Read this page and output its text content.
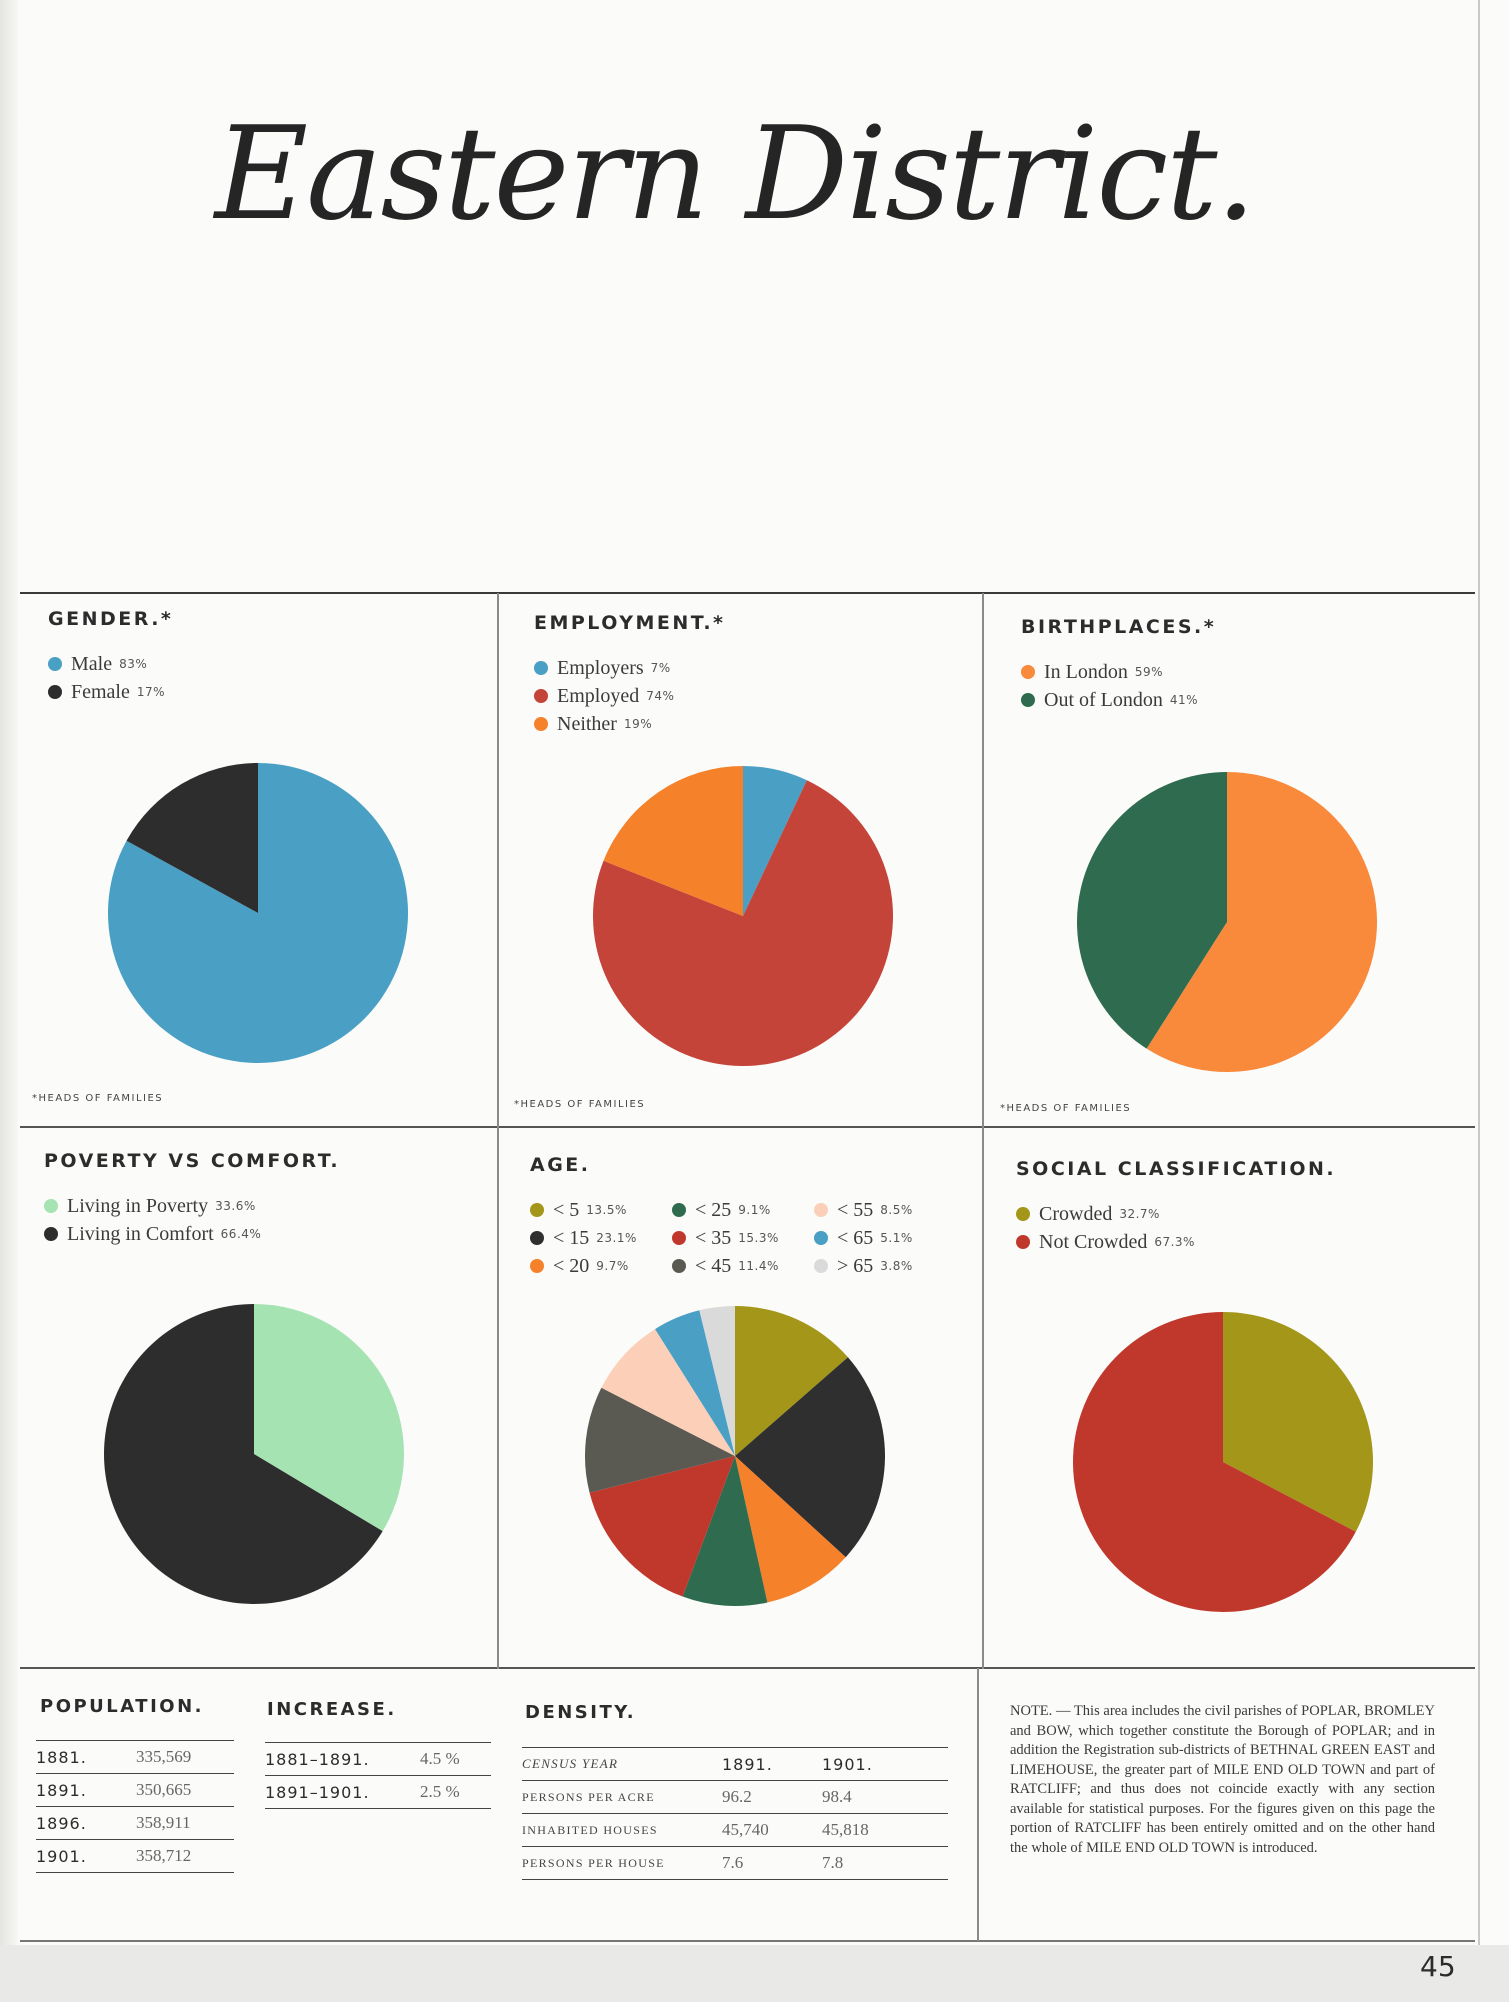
Eastern District.
GENDER.*
Male 83%
Female 17%
EMPLOYMENT.*
Employers 7%
Employed 74%
Neither 19%
BIRTHPLACES.*
In London 59%
Out of London 41%
POVERTY VS COMFORT.
Living in Poverty 33.6%
Living in Comfort 66.4%
AGE.
< 5 13.5%
< 15 23.1%
< 20 9.7%
< 25 9.1%
< 35 15.3%
< 45 11.4%
< 55 8.5%
< 65 5.1%
> 65 3.8%
SOCIAL CLASSIFICATION.
Crowded 32.7%
Not Crowded 67.3%
*HEADS OF FAMILIES
*HEADS OF FAMILIES	*HEADS OF FAMILIES
POPULATION.
1881.	335,569
1891.	350,665
1896.	358,911
1901.	358,712
INCREASE.
1881–1891.	4.5 %
1891–1901.	2.5 %
DENSITY.
CENSUS YEAR	1891.	1901.
PERSONS PER ACRE	96.2	98.4
INHABITED HOUSES	45,740	45,818
PERSONS PER HOUSE	7.6	7.8
NOTE. — This area includes the civil parishes of POPLAR, BROMLEY and BOW, which together constitute the Borough of POPLAR; and in addition the Registration sub-districts of BETHNAL GREEN EAST and LIMEHOUSE, the greater part of MILE END OLD TOWN and part of RATCLIFF; and thus does not coincide exactly with any section available for statistical purposes. For the figures given on this page the portion of RATCLIFF has been entirely omitted and on the other hand the whole of MILE END OLD TOWN is introduced.
45
